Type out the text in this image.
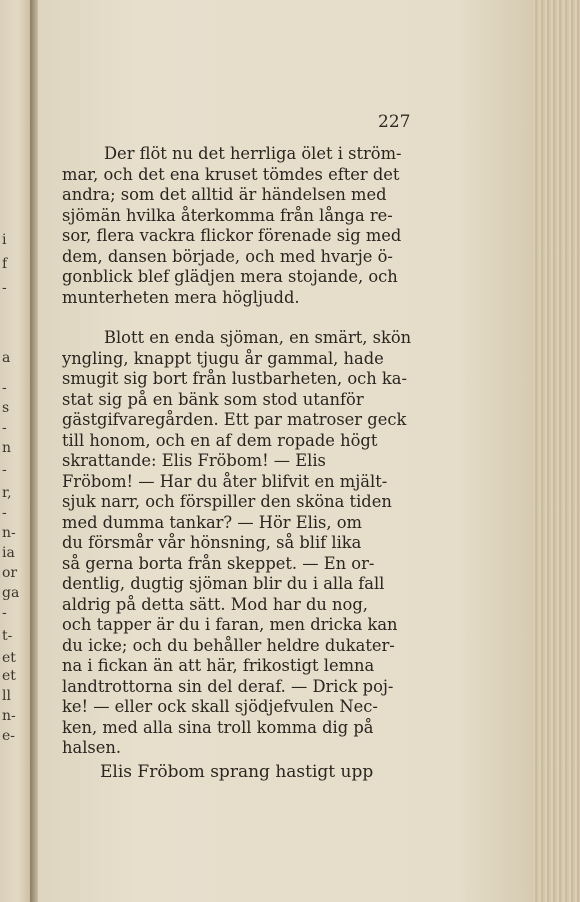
i
f
-
a
-
s
-
n
-
r,
-
n-
ia
or
ga
-
t-
et
et
ll
n-
e-
227
Der flöt nu det herrliga ölet i ström-
mar, och det ena kruset tömdes efter det
andra; som det alltid är händelsen med
sjömän hvilka återkomma från långa re-
sor, flera vackra flickor förenade sig med
dem, dansen började, och med hvarje ö-
gonblick blef glädjen mera stojande, och
munterheten mera högljudd.
Blott en enda sjöman, en smärt, skön
yngling, knappt tjugu år gammal, hade
smugit sig bort från lustbarheten, och ka-
stat sig på en bänk som stod utanför
gästgifvaregården. Ett par matroser geck
till honom, och en af dem ropade högt
skrattande: Elis Fröbom! — Elis
Fröbom! — Har du åter blifvit en mjält-
sjuk narr, och förspiller den sköna tiden
med dumma tankar? — Hör Elis, om
du försmår vår hönsning, så blif lika
så gerna borta från skeppet. — En or-
dentlig, dugtig sjöman blir du i alla fall
aldrig på detta sätt. Mod har du nog,
och tapper är du i faran, men dricka kan
du icke; och du behåller heldre dukater-
na i fickan än att här, frikostigt lemna
landtrottorna sin del deraf. — Drick poj-
ke! — eller ock skall sjödjefvulen Nec-
ken, med alla sina troll komma dig på
halsen.
Elis Fröbom sprang hastigt upp
